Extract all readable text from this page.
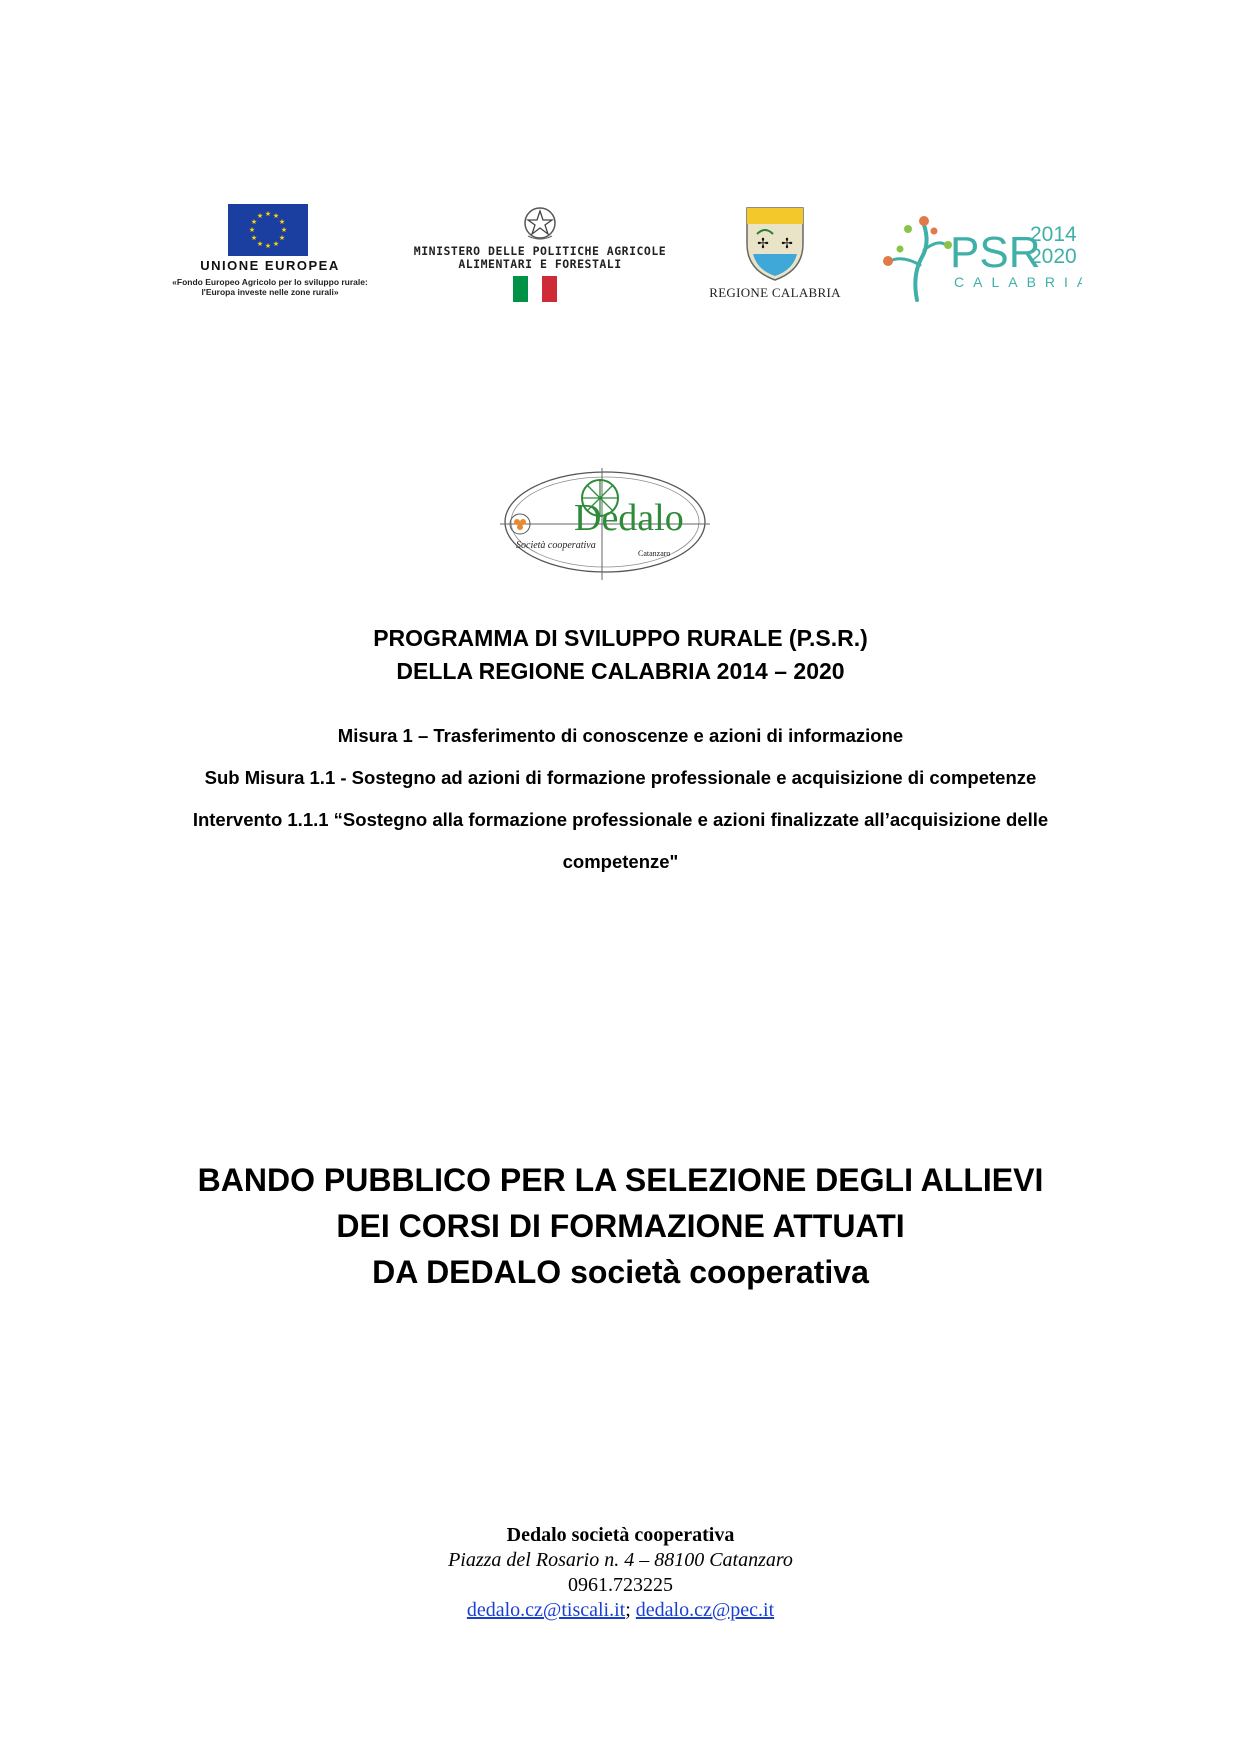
★ ★
★
★
★
★
★
★
★
★
★
★
UNIONE EUROPEA
«Fondo Europeo Agricolo per lo sviluppo rurale:
l'Europa investe nelle zone rurali»
MINISTERO DELLE POLITICHE AGRICOLE
ALIMENTARI E FORESTALI
✢ ✢
REGIONE CALABRIA
PSR
2014
2020
CALABRIA
Dedalo
Società cooperativa
Catanzaro
PROGRAMMA DI SVILUPPO RURALE (P.S.R.)
DELLA REGIONE CALABRIA 2014 – 2020
Misura 1 – Trasferimento di conoscenze e azioni di informazione
Sub Misura 1.1 - Sostegno ad azioni di formazione professionale e acquisizione di competenze
Intervento 1.1.1 “Sostegno alla formazione professionale e azioni finalizzate all’acquisizione delle
competenze"
BANDO PUBBLICO PER LA SELEZIONE DEGLI ALLIEVI
DEI CORSI DI FORMAZIONE ATTUATI
DA DEDALO società cooperativa
Dedalo società cooperativa
Piazza del Rosario n. 4 – 88100 Catanzaro
0961.723225
dedalo.cz@tiscali.it; dedalo.cz@pec.it
